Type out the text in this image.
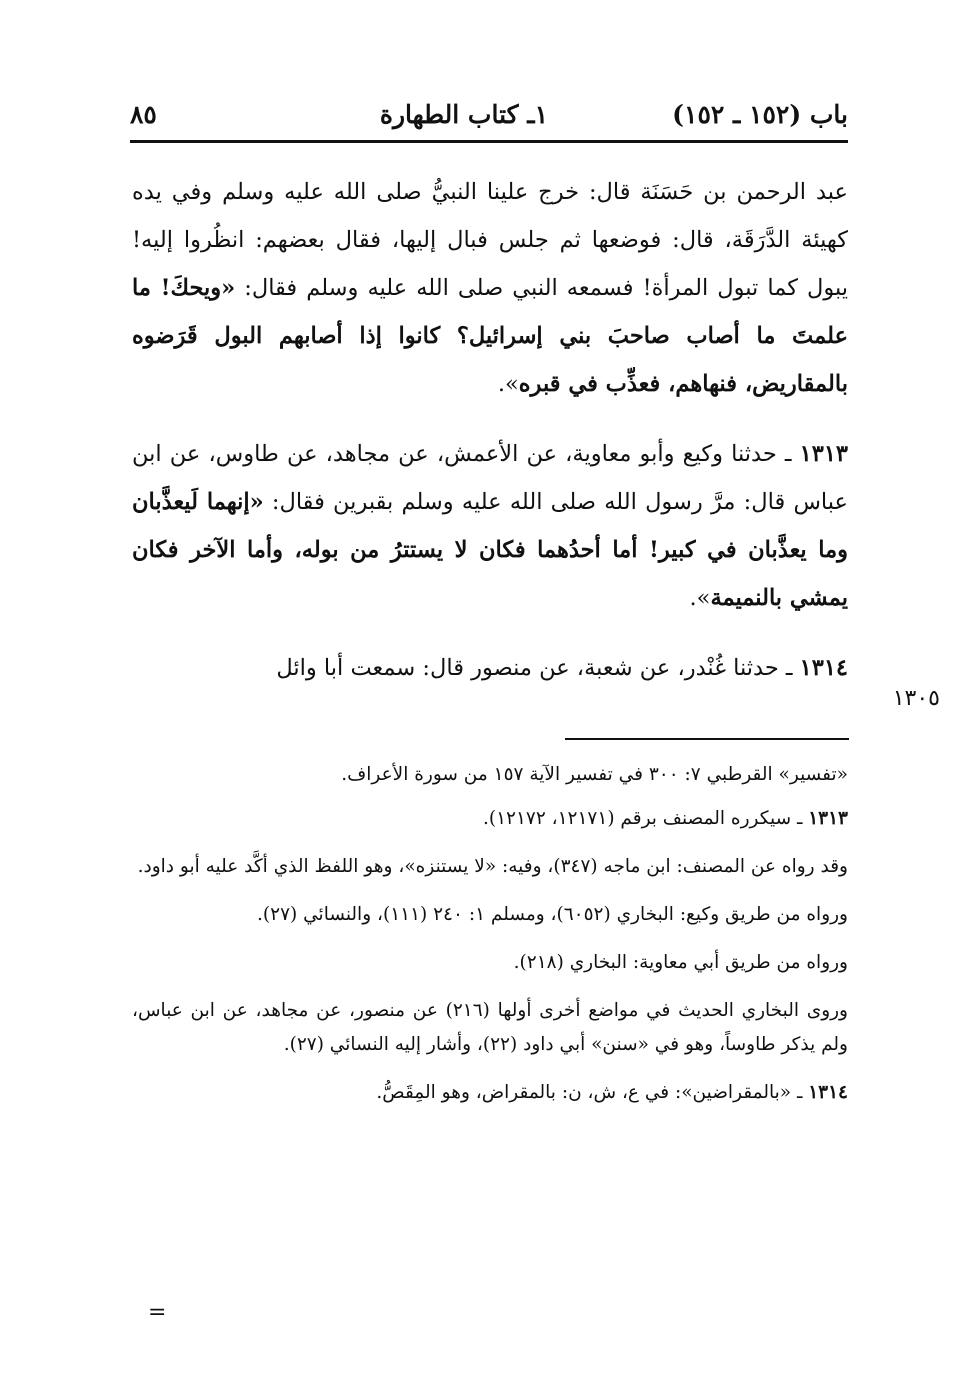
باب (١٥٢ ـ ١٥٢)
١ـ كتاب الطهارة
٨٥

عبد الرحمن بن حَسَنَة قال: خرج علينا النبيُّ صلى الله عليه وسلم وفي يده كهيئة الدَّرَقَة، قال: فوضعها ثم جلس فبال إليها، فقال بعضهم: انظُروا إليه! يبول كما تبول المرأة! فسمعه النبي صلى الله عليه وسلم فقال: «ويحكَ! ما علمتَ ما أصاب صاحبَ بني إسرائيل؟ كانوا إذا أصابهم البول قَرَضوه بالمقاريض، فنهاهم، فعذِّب في قبره».

١٣١٣ ـ حدثنا وكيع وأبو معاوية، عن الأعمش، عن مجاهد، عن طاوس، عن ابن عباس قال: مرَّ رسول الله صلى الله عليه وسلم بقبرين فقال: «إنهما لَيعذَّبان وما يعذَّبان في كبير! أما أحدُهما فكان لا يستترُ من بوله، وأما الآخر فكان يمشي بالنميمة».

١٣١٤ ـ حدثنا غُنْدر، عن شعبة، عن منصور قال: سمعت أبا وائل

١٣٠٥

«تفسير» القرطبي ٧: ٣٠٠ في تفسير الآية ١٥٧ من سورة الأعراف.

١٣١٣ ـ سيكرره المصنف برقم (١٢١٧١، ١٢١٧٢).

وقد رواه عن المصنف: ابن ماجه (٣٤٧)، وفيه: «لا يستنزه»، وهو اللفظ الذي أكَّد عليه أبو داود.

ورواه من طريق وكيع: البخاري (٦٠٥٢)، ومسلم ١: ٢٤٠ (١١١)، والنسائي (٢٧).

ورواه من طريق أبي معاوية: البخاري (٢١٨).

وروى البخاري الحديث في مواضع أخرى أولها (٢١٦) عن منصور، عن مجاهد، عن ابن عباس، ولم يذكر طاوساً، وهو في «سنن» أبي داود (٢٢)، وأشار إليه النسائي (٢٧).

١٣١٤ ـ «بالمقراضين»: في ع، ش، ن: بالمقراض، وهو المِقَصُّ.

=
